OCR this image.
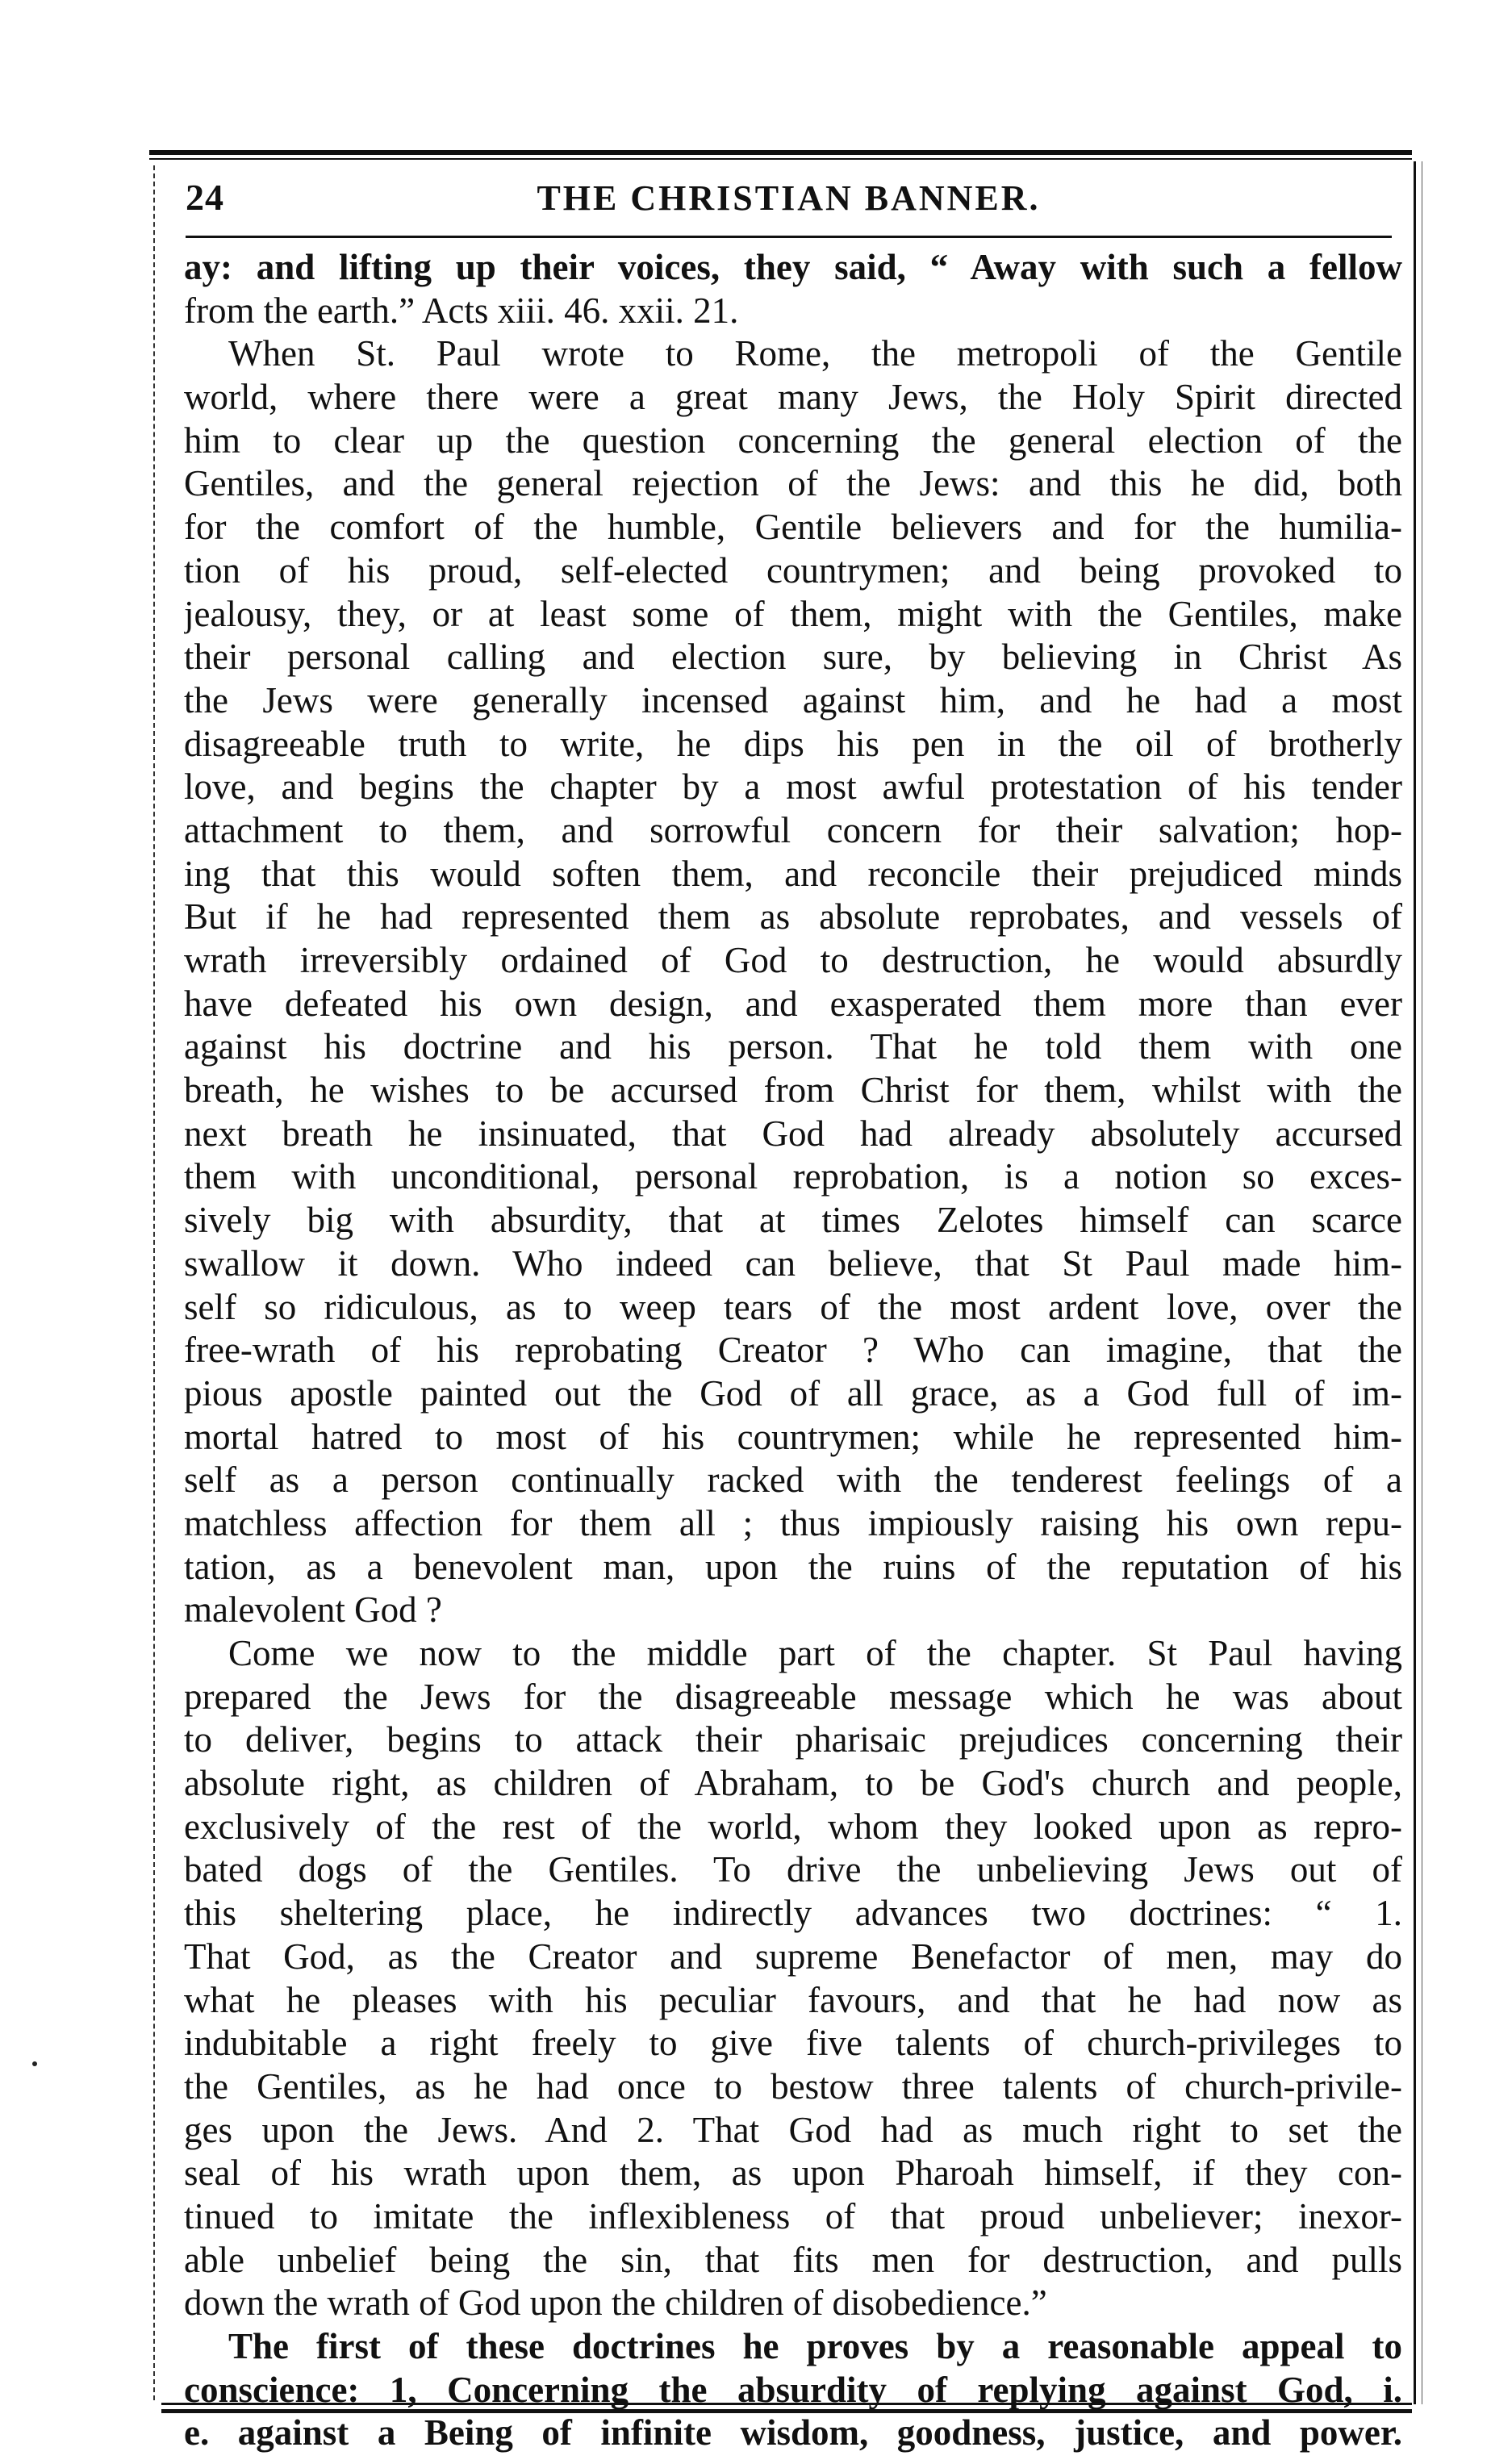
24	THE CHRISTIAN BANNER.
ay: and lifting up their voices, they said, “ Away with such a fellow
from the earth.” Acts xiii. 46. xxii. 21.
When St. Paul wrote to Rome, the metropoli of the Gentile
world, where there were a great many Jews, the Holy Spirit directed
him to clear up the question concerning the general election of the
Gentiles, and the general rejection of the Jews: and this he did, both
for the comfort of the humble, Gentile believers and for the humilia-
tion of his proud, self-elected countrymen; and being provoked to
jealousy, they, or at least some of them, might with the Gentiles, make
their personal calling and election sure, by believing in Christ As
the Jews were generally incensed against him, and he had a most
disagreeable truth to write, he dips his pen in the oil of brotherly
love, and begins the chapter by a most awful protestation of his tender
attachment to them, and sorrowful concern for their salvation; hop-
ing that this would soften them, and reconcile their prejudiced minds
But if he had represented them as absolute reprobates, and vessels of
wrath irreversibly ordained of God to destruction, he would absurdly
have defeated his own design, and exasperated them more than ever
against his doctrine and his person. That he told them with one
breath, he wishes to be accursed from Christ for them, whilst with the
next breath he insinuated, that God had already absolutely accursed
them with unconditional, personal reprobation, is a notion so exces-
sively big with absurdity, that at times Zelotes himself can scarce
swallow it down. Who indeed can believe, that St Paul made him-
self so ridiculous, as to weep tears of the most ardent love, over the
free-wrath of his reprobating Creator ? Who can imagine, that the
pious apostle painted out the God of all grace, as a God full of im-
mortal hatred to most of his countrymen; while he represented him-
self as a person continually racked with the tenderest feelings of a
matchless affection for them all ; thus impiously raising his own repu-
tation, as a benevolent man, upon the ruins of the reputation of his
malevolent God ?
Come we now to the middle part of the chapter. St Paul having
prepared the Jews for the disagreeable message which he was about
to deliver, begins to attack their pharisaic prejudices concerning their
absolute right, as children of Abraham, to be God's church and people,
exclusively of the rest of the world, whom they looked upon as repro-
bated dogs of the Gentiles. To drive the unbelieving Jews out of
this sheltering place, he indirectly advances two doctrines: “ 1.
That God, as the Creator and supreme Benefactor of men, may do
what he pleases with his peculiar favours, and that he had now as
indubitable a right freely to give five talents of church-privileges to
the Gentiles, as he had once to bestow three talents of church-privile-
ges upon the Jews. And 2. That God had as much right to set the
seal of his wrath upon them, as upon Pharoah himself, if they con-
tinued to imitate the inflexibleness of that proud unbeliever; inexor-
able unbelief being the sin, that fits men for destruction, and pulls
down the wrath of God upon the children of disobedience.”
The first of these doctrines he proves by a reasonable appeal to
conscience: 1, Concerning the absurdity of replying against God, i.
e. against a Being of infinite wisdom, goodness, justice, and power.
